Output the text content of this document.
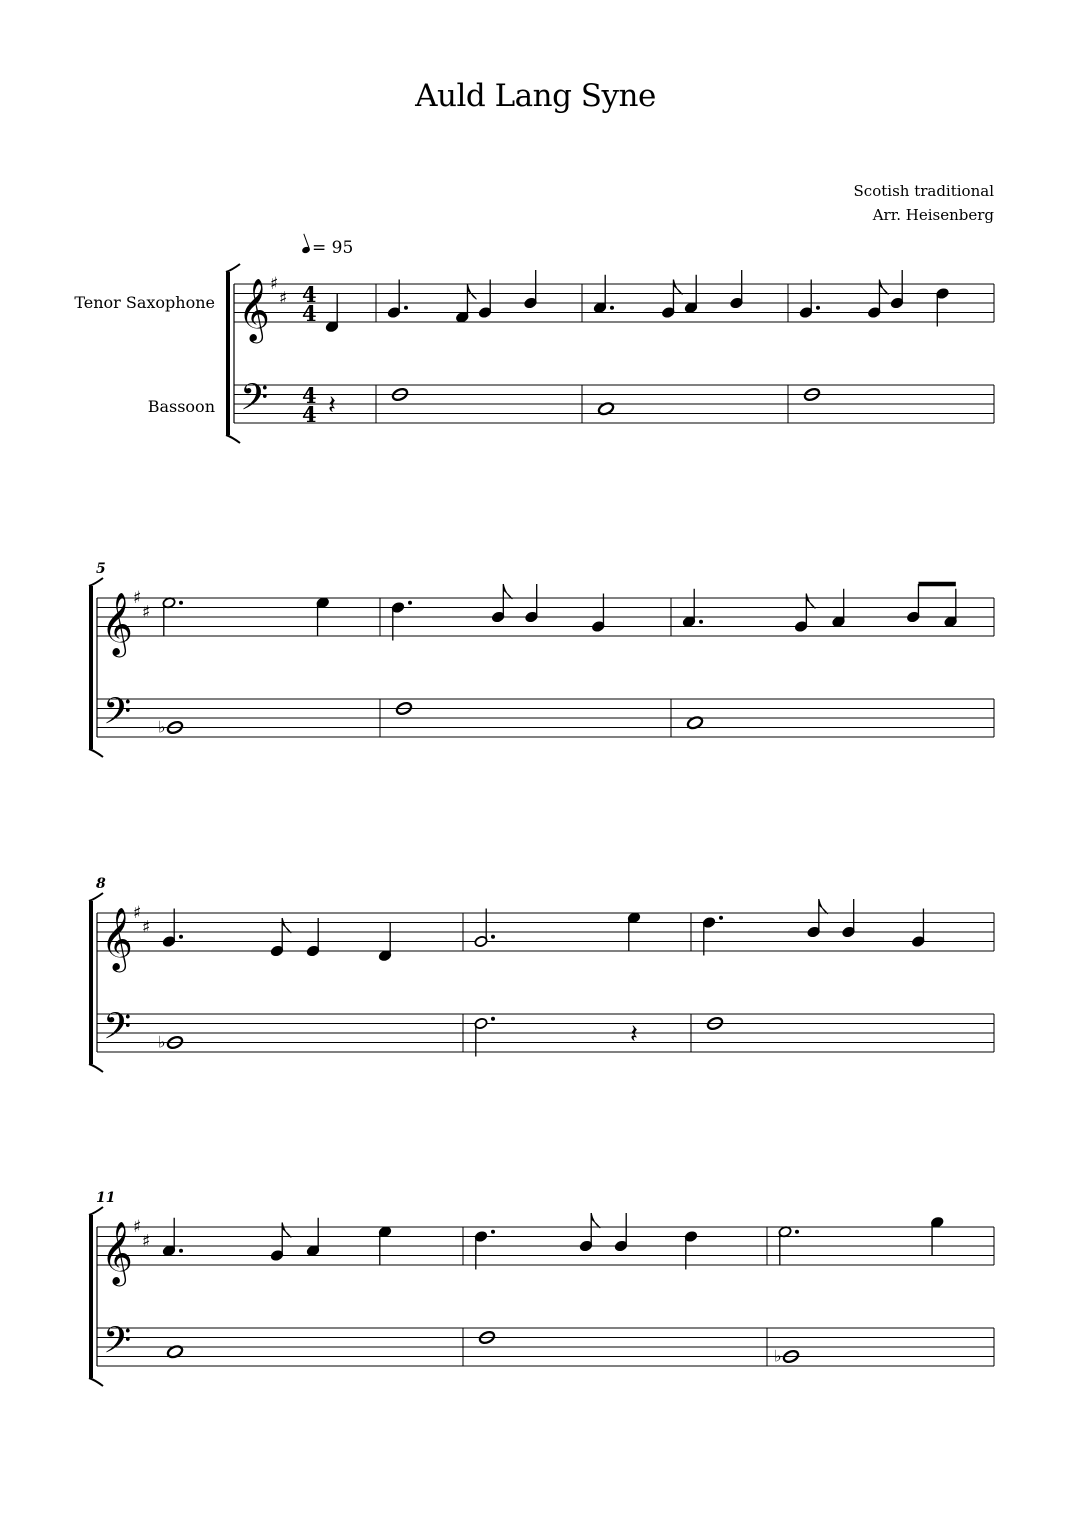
Auld Lang Syne
Scotish traditional
Arr. Heisenberg
= 95
Tenor Saxophone
Bassoon
5
8
11
𝄞
𝄢
♯
♯ 4
4
4
4 𝄽
𝄞
𝄢
♯
♯
♭
𝄞
𝄢
♯
♯
♭	𝄽
𝄞
𝄢
♯
♯
♭
